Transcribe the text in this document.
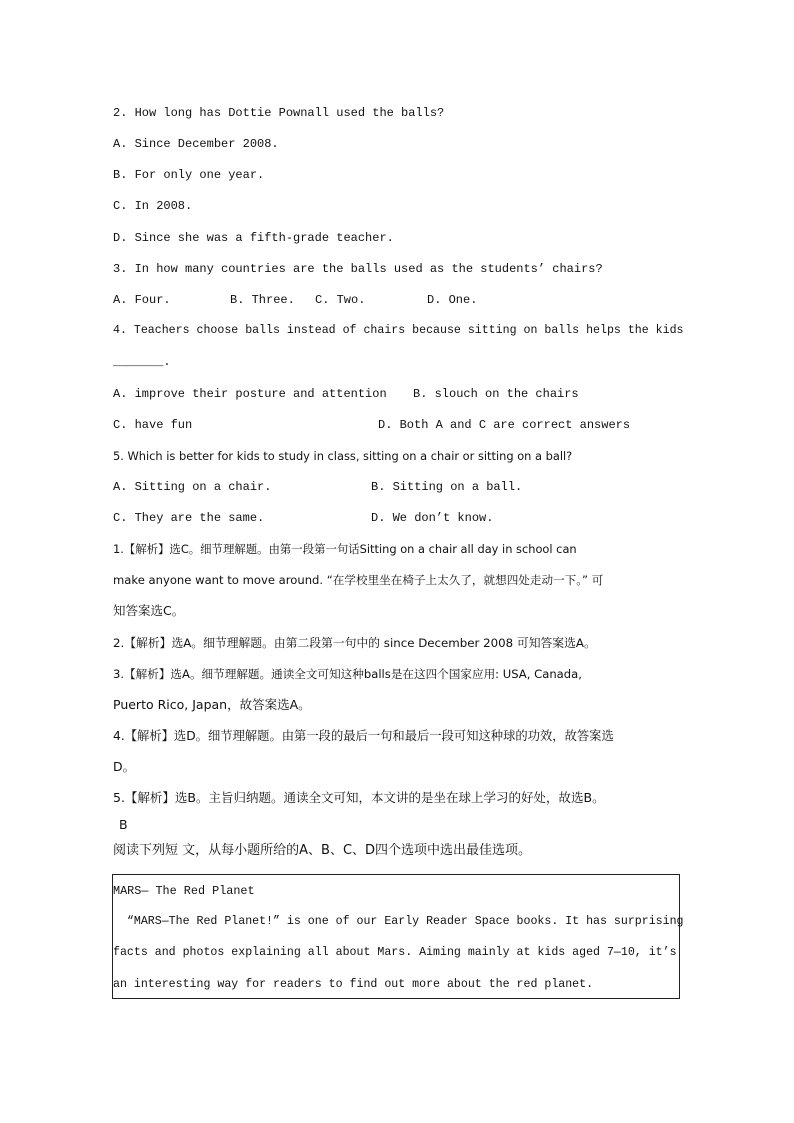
2. How long has Dottie Pownall used the balls?
A. Since December 2008.
B. For only one year.
C. In 2008.
D. Since she was a fifth-grade teacher.
3. In how many countries are the balls used as the students’ chairs?
A. Four.	B. Three. C. Two.	D. One.
4. Teachers choose balls instead of chairs because sitting on balls helps the kids
_______.
A. improve their posture and attention B. slouch on the chairs
C. have fun	D. Both A and C are correct answers
5. Which is better for kids to study in class, sitting on a chair or sitting on a ball?
A. Sitting on a chair.	B. Sitting on a ball.
C. They are the same.	D. We don’t know.
1.【解析】选C。细节理解题。由第一段第一句话Sitting on a chair all day in school can
make anyone want to move around. “在学校里坐在椅子上太久了，就想四处走动一下。” 可
知答案选C。
2.【解析】选A。细节理解题。由第二段第一句中的 since December 2008 可知答案选A。
3.【解析】选A。细节理解题。通读全文可知这种balls是在这四个国家应用: USA, Canada,
Puerto Rico, Japan，故答案选A。
4.【解析】选D。细节理解题。由第一段的最后一句和最后一段可知这种球的功效，故答案选
D。
5.【解析】选B。主旨归纳题。通读全文可知，本文讲的是坐在球上学习的好处，故选B。
B
阅读下列短 文，从每小题所给的A、B、C、D四个选项中选出最佳选项。
MARS— The Red Planet
“MARS—The Red Planet!” is one of our Early Reader Space books. It has surprising
facts and photos explaining all about Mars. Aiming mainly at kids aged 7—10, it’s
an interesting way for readers to find out more about the red planet.
